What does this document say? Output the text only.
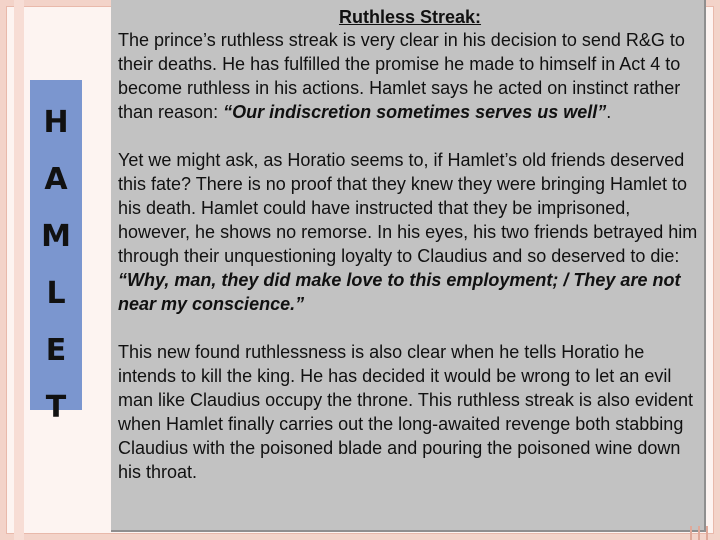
H
A
M
L
E
T

Ruthless Streak:

The prince’s ruthless streak is very clear in his decision to send R&G to their deaths. He has fulfilled the promise he made to himself in Act 4 to become ruthless in his actions. Hamlet says he acted on instinct rather than reason: “Our indiscretion sometimes serves us well”.

Yet we might ask, as Horatio seems to, if Hamlet’s old friends deserved this fate? There is no proof that they knew they were bringing Hamlet to his death. Hamlet could have instructed that they be imprisoned, however, he shows no remorse. In his eyes, his two friends betrayed him through their unquestioning loyalty to Claudius and so deserved to die: “Why, man, they did make love to this employment; / They are not near my conscience.”

This new found ruthlessness is also clear when he tells Horatio he intends to kill the king. He has decided it would be wrong to let an evil man like Claudius occupy the throne. This ruthless streak is also evident when Hamlet finally carries out the long-awaited revenge both stabbing Claudius with the poisoned blade and pouring the poisoned wine down his throat.
